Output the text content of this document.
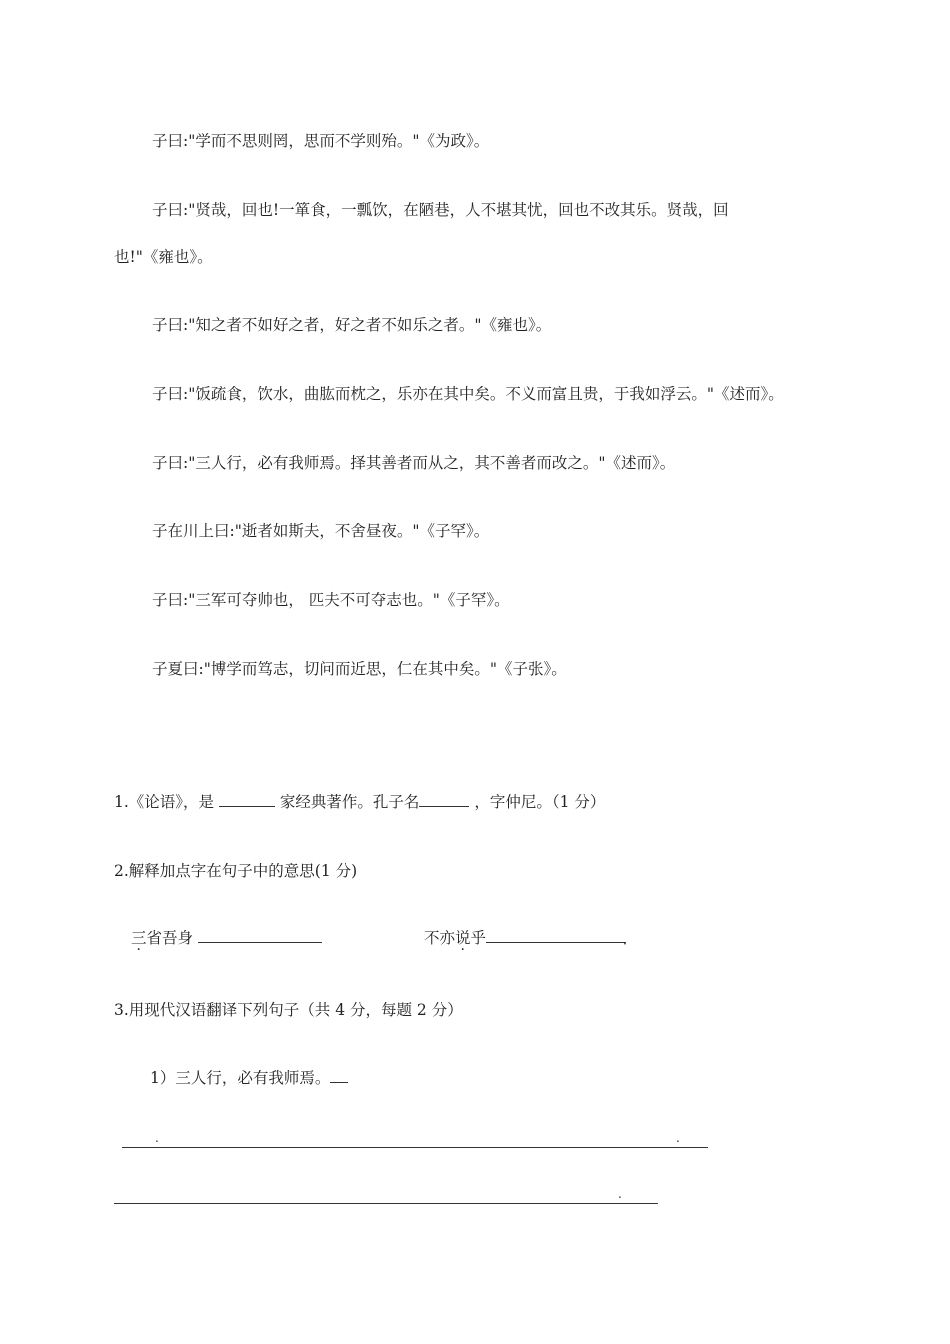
子曰:"学而不思则罔，思而不学则殆。"《为政》。
子曰:"贤哉，回也!一箪食，一瓢饮，在陋巷，人不堪其忧，回也不改其乐。贤哉，回
也!"《雍也》。
子曰:"知之者不如好之者，好之者不如乐之者。"《雍也》。
子曰:"饭疏食，饮水，曲肱而枕之，乐亦在其中矣。不义而富且贵，于我如浮云。"《述而》。
子曰:"三人行，必有我师焉。择其善者而从之，其不善者而改之。"《述而》。
子在川上曰:"逝者如斯夫，不舍昼夜。"《子罕》。
子曰:"三军可夺帅也， 匹夫不可夺志也。"《子罕》。
子夏曰:"博学而笃志，切问而近思，仁在其中矣。"《子张》。
1.《论语》，是	家经典著作。孔子名	，字仲尼。（1 分）
2.解释加点字在句子中的意思(1 分)
三省吾身	不亦说乎	·
3.用现代汉语翻译下列句子（共 4 分，每题 2 分）
1）三人行，必有我师焉。
.	.
.
